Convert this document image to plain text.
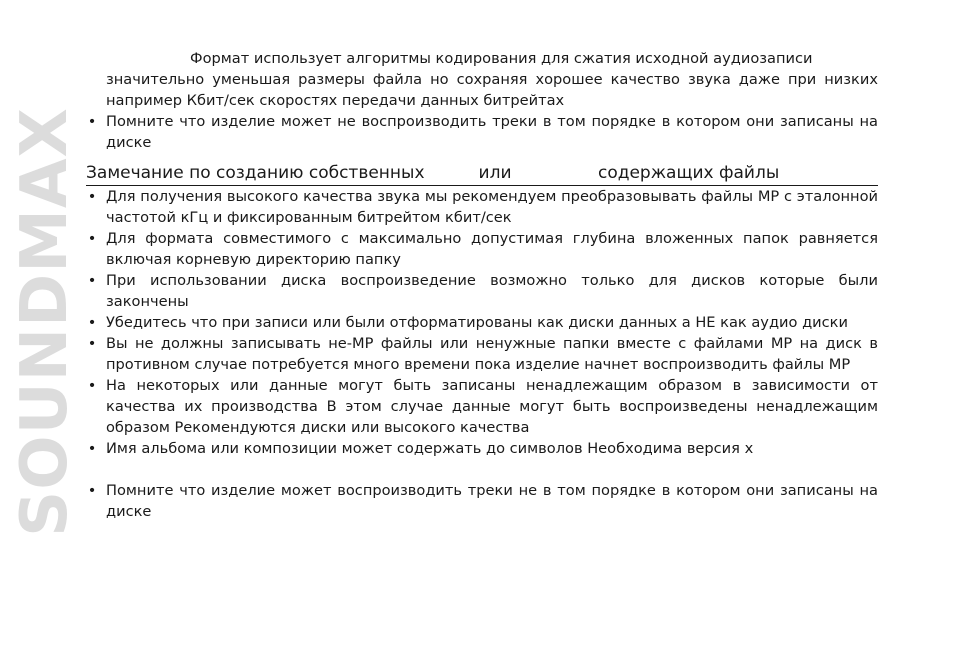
SOUNDMAX
Формат использует алгоритмы кодирования для сжатия исходной аудиозаписи
значительно уменьшая размеры файла но сохраняя хорошее качество звука даже при низких например Кбит/сек скоростях передачи данных битрейтах
• Помните что изделие может не воспроизводить треки в том порядке в котором они записаны на диске
Замечание по созданию собственных          или                содержащих файлы
• Для получения высокого качества звука мы рекомендуем преобразовывать файлы MP с эталонной частотой кГц и фиксированным битрейтом кбит/сек
• Для формата совместимого с максимально допустимая глубина вложенных папок равняется включая корневую директорию папку
• При использовании диска воспроизведение возможно только для дисков которые были закончены
• Убедитесь что при записи или были отформатированы как диски данных а НЕ как аудио диски
• Вы не должны записывать не-MP файлы или ненужные папки вместе с файлами MP на диск в противном случае потребуется много времени пока изделие начнет воспроизводить файлы MP
• На некоторых или данные могут быть записаны ненадлежащим образом в зависимости от качества их производства В этом случае данные могут быть воспроизведены ненадлежащим образом Рекомендуются диски или высокого качества
• Имя альбома или композиции может содержать до символов Необходима версия х
• Помните что изделие может воспроизводить треки не в том порядке в котором они записаны на диске
